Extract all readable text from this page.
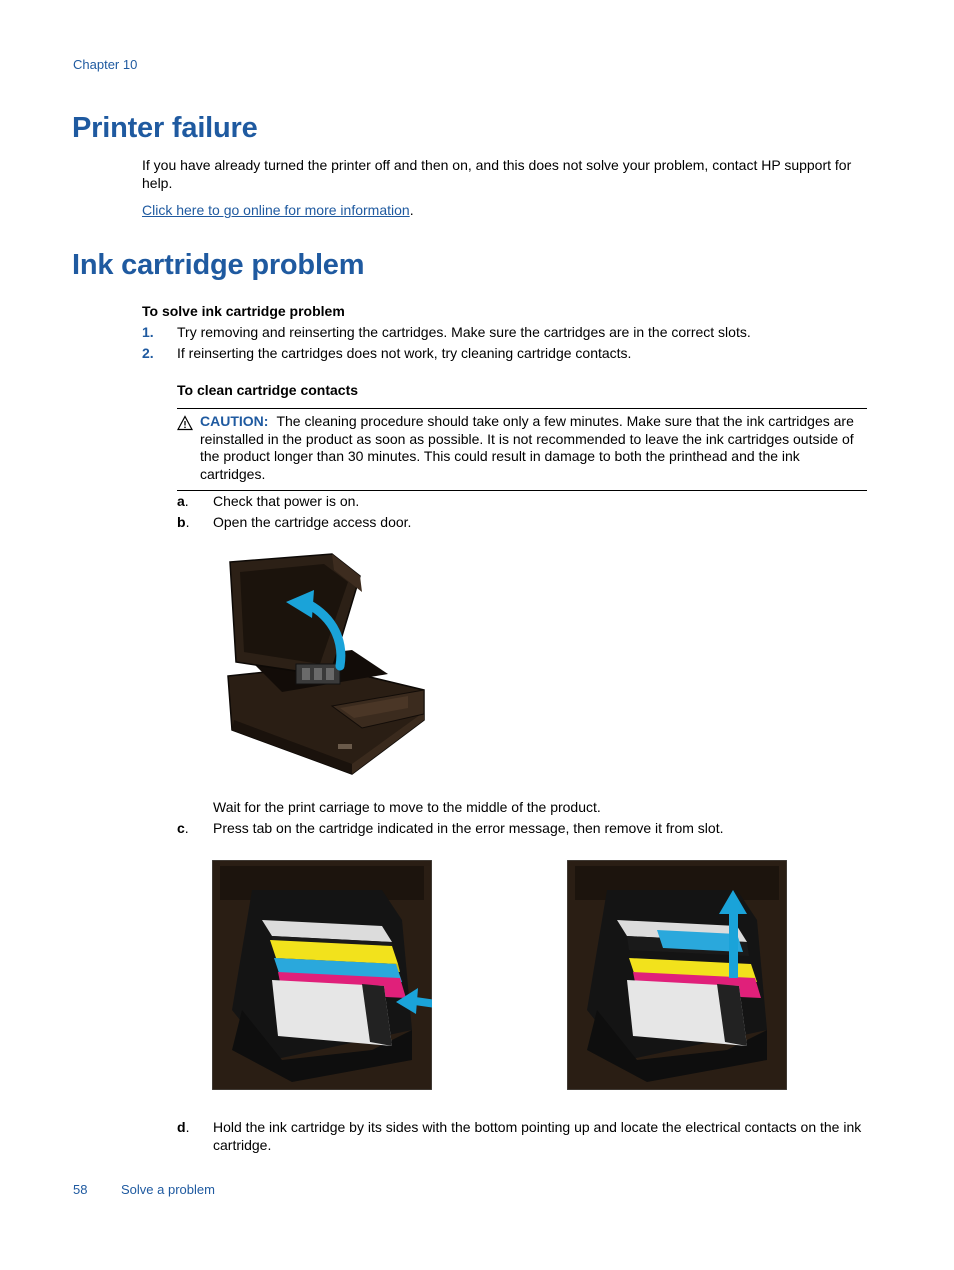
Chapter 10
Printer failure
If you have already turned the printer off and then on, and this does not solve your problem, contact HP support for help.
Click here to go online for more information.
Ink cartridge problem
To solve ink cartridge problem
1. Try removing and reinserting the cartridges. Make sure the cartridges are in the correct slots.
2. If reinserting the cartridges does not work, try cleaning cartridge contacts.
To clean cartridge contacts
CAUTION: The cleaning procedure should take only a few minutes. Make sure that the ink cartridges are reinstalled in the product as soon as possible. It is not recommended to leave the ink cartridges outside of the product longer than 30 minutes. This could result in damage to both the printhead and the ink cartridges.
a. Check that power is on.
b. Open the cartridge access door.
Wait for the print carriage to move to the middle of the product.
c. Press tab on the cartridge indicated in the error message, then remove it from slot.
d. Hold the ink cartridge by its sides with the bottom pointing up and locate the electrical contacts on the ink cartridge.
58	Solve a problem
